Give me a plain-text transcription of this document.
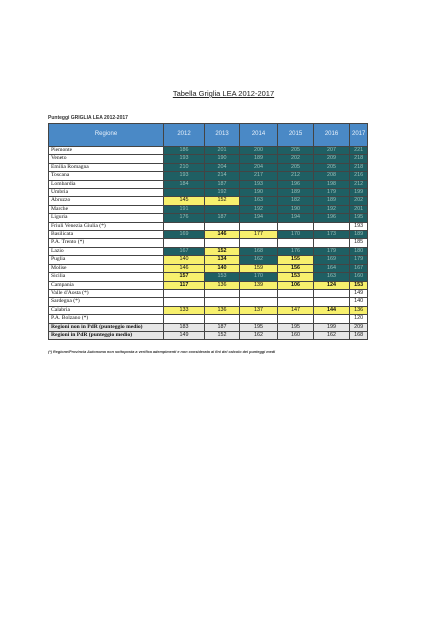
Tabella Griglia LEA 2012-2017
Punteggi GRIGLIA LEA 2012-2017
Regione	2012	2013	2014	2015	2016	2017
Piemonte	186	201	200	205	207	221
Veneto	193	190	189	202	209	218
Emilia Romagna	210	204	204	205	205	218
Toscana	193	214	217	212	208	216
Lombardia	184	187	193	196	198	212
Umbria		192	190	189	179	199
Abruzzo	145	152	163	182	189	202
Marche	191		192	190	192	201
Liguria	176	187	194	194	196	195
Friuli Venezia Giulia (*)						193
Basilicata	169	146	177	170	173	189
P.A. Trento (*)						185
Lazio	167	152	168	176	179	180
Puglia	140	134	162	155	169	179
Molise	146	140	159	156	164	167
Sicilia	157	153	170	153	163	160
Campania	117	136	139	106	124	153
Valle d'Aosta (*)						149
Sardegna (*)						140
Calabria	133	136	137	147	144	136
P.A. Bolzano (*)						120
Regioni non in PdR (punteggio medio)	183	187	195	195	199	209
Regioni in PdR (punteggio medio)	149	152	162	160	162	168
(*) Regione/Provincia Autonoma non sottoposta a verifica adempimenti e non considerata ai fini del calcolo dei punteggi medi
